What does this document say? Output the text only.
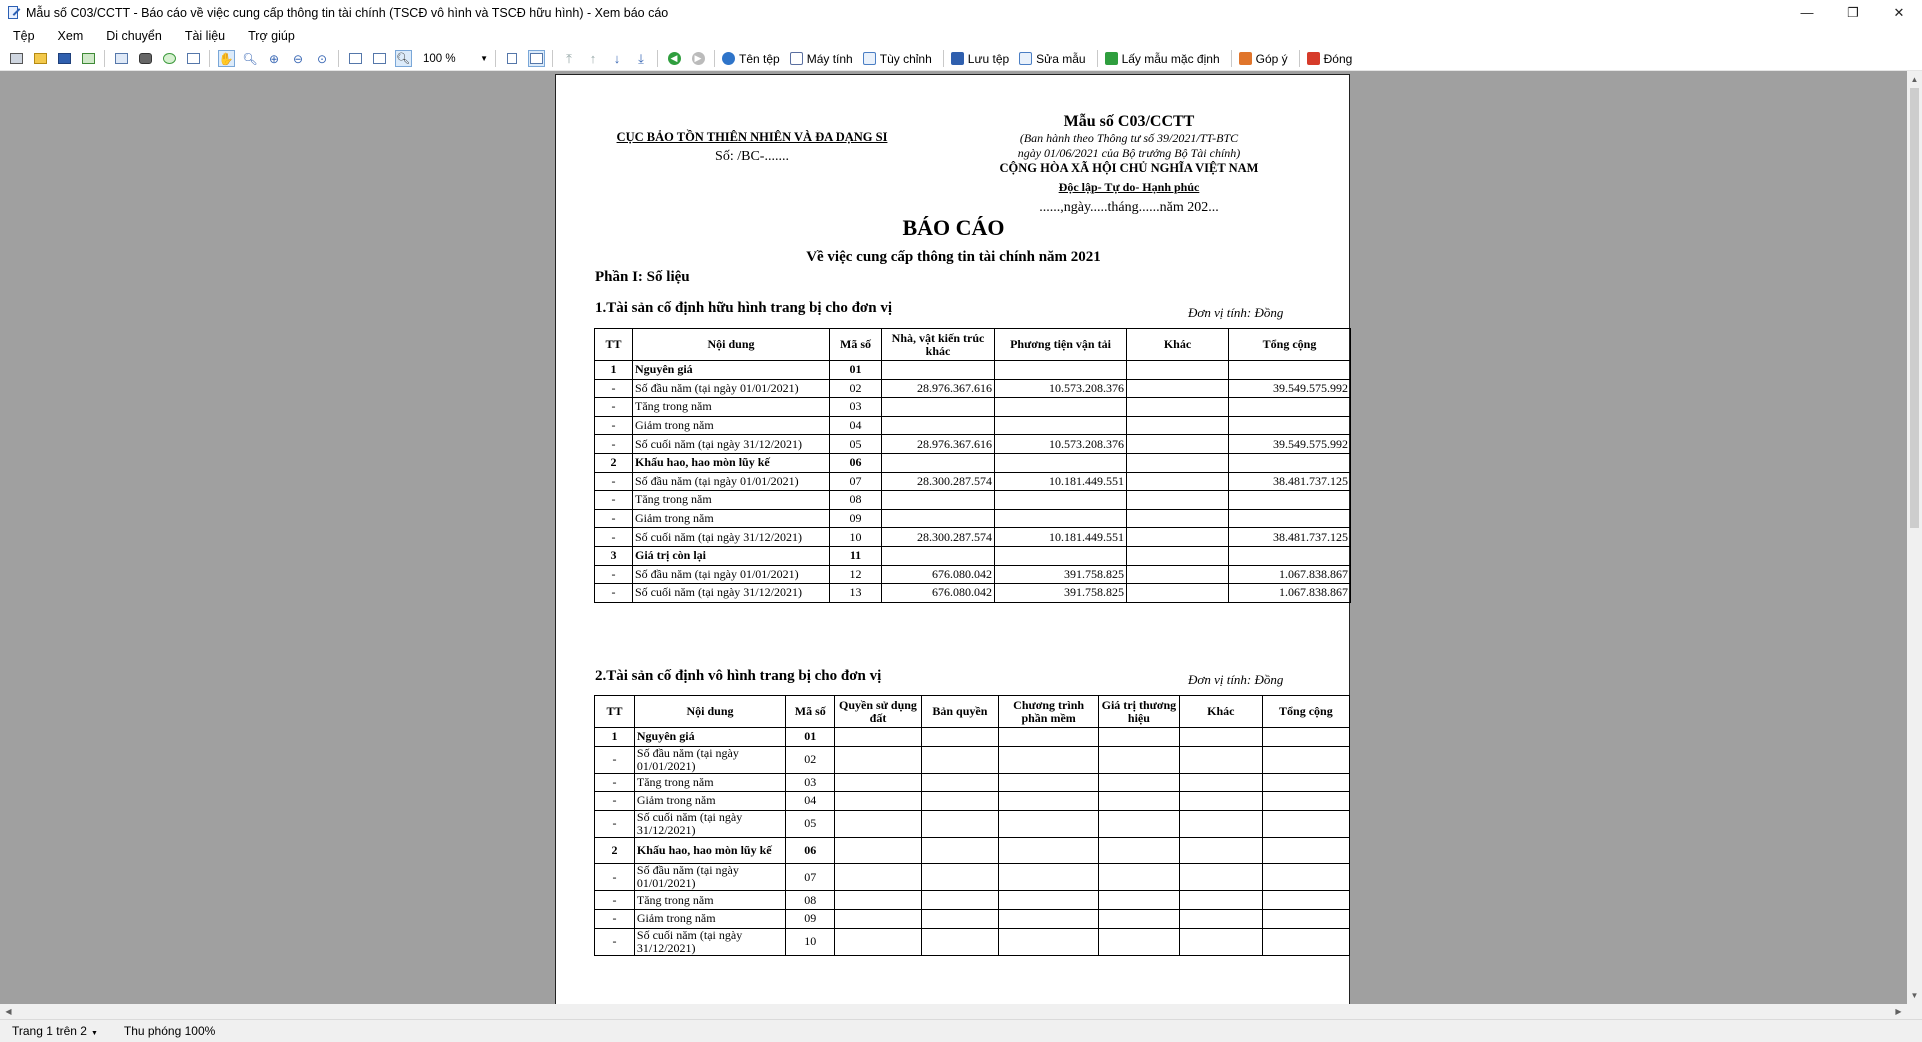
Mẫu số C03/CCTT - Báo cáo về việc cung cấp thông tin tài chính (TSCĐ vô hình và TSCĐ hữu hình) - Xem báo cáo	—	❐	✕
Tệp	Xem	Di chuyển	Tài liệu	Trợ giúp
✋ 🔍︎ ⊕ ⊖ ⊙	🔍︎ 100 %	▼	⤒ ↑ ↓ ⤓	◀	▶	Tên tệp Máy tính Tùy chỉnh	Lưu tệp Sửa mẫu	Lấy mẫu mặc định	Góp ý	Đóng
CỤC BẢO TỒN THIÊN NHIÊN VÀ ĐA DẠNG SI
Số: /BC-.......
Mẫu số C03/CCTT
(Ban hành theo Thông tư số 39/2021/TT-BTC
ngày 01/06/2021 của Bộ trưởng Bộ Tài chính)
CỘNG HÒA XÃ HỘI CHỦ NGHĨA VIỆT NAM
Độc lập- Tự do- Hạnh phúc
......,ngày.....tháng......năm 202...
BÁO CÁO
Về việc cung cấp thông tin tài chính năm 2021
Phần I: Số liệu
1.Tài sản cố định hữu hình trang bị cho đơn vị	Đơn vị tính: Đồng
TT	Nội dung	Mã số	Nhà, vật kiến trúc khác	Phương tiện vận tải	Khác	Tổng cộng
1	Nguyên giá	01				
-	Số đầu năm (tại ngày 01/01/2021)	02	28.976.367.616	10.573.208.376		39.549.575.992
-	Tăng trong năm	03				
-	Giảm trong năm	04				
-	Số cuối năm (tại ngày 31/12/2021)	05	28.976.367.616	10.573.208.376		39.549.575.992
2	Khấu hao, hao mòn lũy kế	06				
-	Số đầu năm (tại ngày 01/01/2021)	07	28.300.287.574	10.181.449.551		38.481.737.125
-	Tăng trong năm	08				
-	Giảm trong năm	09				
-	Số cuối năm (tại ngày 31/12/2021)	10	28.300.287.574	10.181.449.551		38.481.737.125
3	Giá trị còn lại	11				
-	Số đầu năm (tại ngày 01/01/2021)	12	676.080.042	391.758.825		1.067.838.867
-	Số cuối năm (tại ngày 31/12/2021)	13	676.080.042	391.758.825		1.067.838.867
2.Tài sản cố định vô hình trang bị cho đơn vị	Đơn vị tính: Đồng
TT	Nội dung	Mã số	Quyền sử dụng đất	Bản quyền	Chương trình phần mềm	Giá trị thương hiệu	Khác	Tổng cộng
1	Nguyên giá	01						
-	Số đầu năm (tại ngày 01/01/2021)	02						
-	Tăng trong năm	03						
-	Giảm trong năm	04						
-	Số cuối năm (tại ngày 31/12/2021)	05						
2	Khấu hao, hao mòn lũy kế	06						
-	Số đầu năm (tại ngày 01/01/2021)	07						
-	Tăng trong năm	08						
-	Giảm trong năm	09						
-	Số cuối năm (tại ngày 31/12/2021)	10						
▲
▼
◀	▶
Trang 1 trên 2 ▼ Thu phóng 100%
